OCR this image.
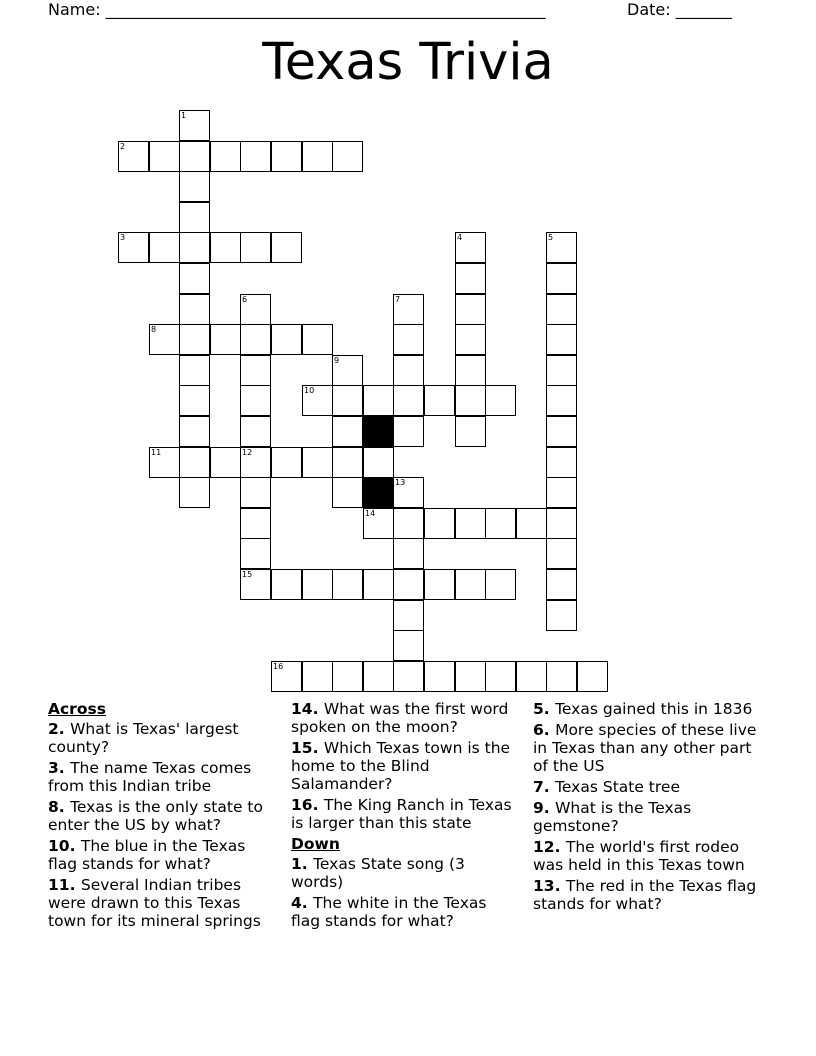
Name: _______________________________________________________	Date: _______
Texas Trivia
1
2
3	4	5
6	7
8
9
10
11	12
15
13
14
16
Across
2. What is Texas' largest county?
3. The name Texas comes from this Indian tribe
8. Texas is the only state to enter the US by what?
10. The blue in the Texas flag stands for what?
11. Several Indian tribes were drawn to this Texas town for its mineral springs
14. What was the first word spoken on the moon?
15. Which Texas town is the home to the Blind Salamander?
16. The King Ranch in Texas is larger than this state
Down
1. Texas State song (3 words)
4. The white in the Texas flag stands for what?
5. Texas gained this in 1836
6. More species of these live in Texas than any other part of the US
7. Texas State tree
9. What is the Texas gemstone?
12. The world's first rodeo was held in this Texas town
13. The red in the Texas flag stands for what?
